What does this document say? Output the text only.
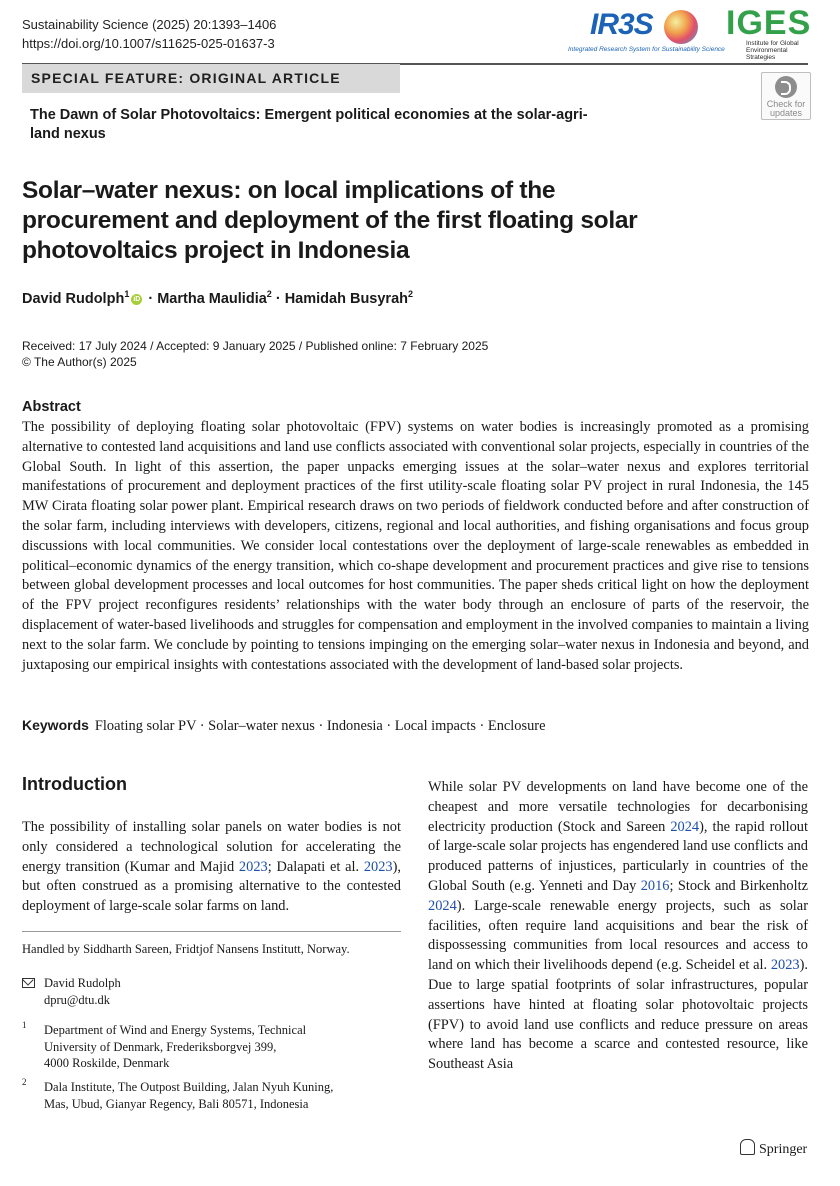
Sustainability Science (2025) 20:1393–1406
https://doi.org/10.1007/s11625-025-01637-3
IR3S
Integrated Research System for Sustainability Science
IGES
Institute for Global
Environmental Strategies
SPECIAL FEATURE: ORIGINAL ARTICLE
Check for
updates
The Dawn of Solar Photovoltaics: Emergent political economies at the solar-agri-land nexus
Solar–water nexus: on local implications of the procurement and deployment of the first floating solar photovoltaics project in Indonesia
David Rudolph$^1$iD · Martha Maulidia$^2$ · Hamidah Busyrah$^2$
Received: 17 July 2024 / Accepted: 9 January 2025 / Published online: 7 February 2025
© The Author(s) 2025
Abstract
The possibility of deploying floating solar photovoltaic (FPV) systems on water bodies is increasingly promoted as a promising alternative to contested land acquisitions and land use conflicts associated with conventional solar projects, especially in countries of the Global South. In light of this assertion, the paper unpacks emerging issues at the solar–water nexus and explores territorial manifestations of procurement and deployment practices of the first utility-scale floating solar PV project in rural Indonesia, the 145 MW Cirata floating solar power plant. Empirical research draws on two periods of fieldwork conducted before and after construction of the solar farm, including interviews with developers, citizens, regional and local authorities, and fishing organisations and focus group discussions with local communities. We consider local contestations over the deployment of large-scale renewables as embedded in political–economic dynamics of the energy transition, which co-shape development and procurement practices and give rise to tensions between global development processes and local outcomes for host communities. The paper sheds critical light on how the deployment of the FPV project reconfigures residents’ relationships with the water body through an enclosure of parts of the reservoir, the displacement of water-based livelihoods and struggles for compensation and employment in the involved companies to maintain a living next to the solar farm. We conclude by pointing to tensions impinging on the emerging solar–water nexus in Indonesia and beyond, and juxtaposing our empirical insights with contestations associated with the development of land-based solar projects.
Keywords Floating solar PV · Solar–water nexus · Indonesia · Local impacts · Enclosure
Introduction
The possibility of installing solar panels on water bodies is not only considered a technological solution for accelerating the energy transition (Kumar and Majid 2023; Dalapati et al. 2023), but often construed as a promising alternative to the contested deployment of large-scale solar farms on land.
While solar PV developments on land have become one of the cheapest and more versatile technologies for decarbonising electricity production (Stock and Sareen 2024), the rapid rollout of large-scale solar projects has engendered land use conflicts and produced patterns of injustices, particularly in countries of the Global South (e.g. Yenneti and Day 2016; Stock and Birkenholtz 2024). Large-scale renewable energy projects, such as solar facilities, often require land acquisitions and bear the risk of dispossessing communities from local resources and access to land on which their livelihoods depend (e.g. Scheidel et al. 2023). Due to large spatial footprints of solar infrastructures, popular assertions have hinted at floating solar photovoltaic projects (FPV) to avoid land use conflicts and reduce pressure on areas where land has become a scarce and contested resource, like Southeast Asia
Handled by Siddharth Sareen, Fridtjof Nansens Institutt, Norway.
David Rudolph
dpru@dtu.dk
1 Department of Wind and Energy Systems, Technical
University of Denmark, Frederiksborgvej 399,
4000 Roskilde, Denmark
2 Dala Institute, The Outpost Building, Jalan Nyuh Kuning,
Mas, Ubud, Gianyar Regency, Bali 80571, Indonesia
Springer
